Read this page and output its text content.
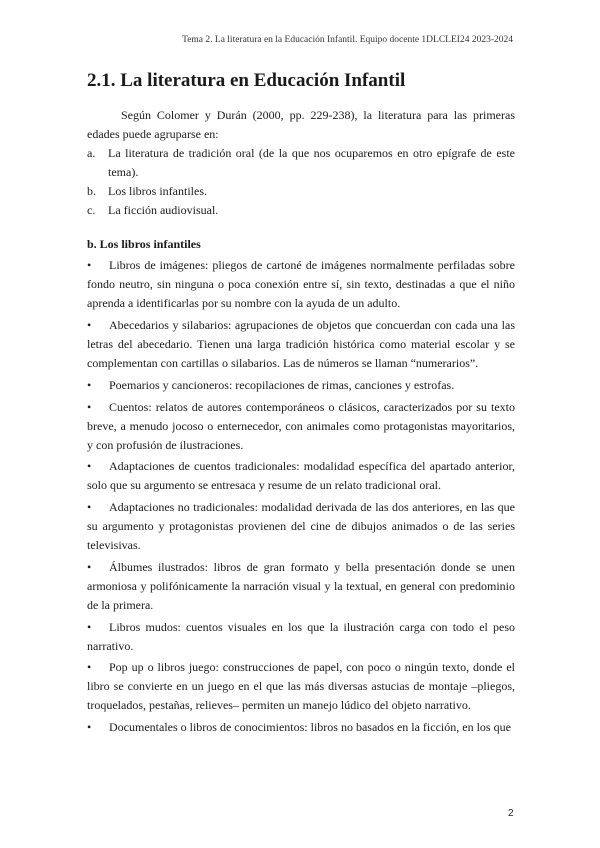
Tema 2. La literatura en la Educación Infantil. Equipo docente 1DLCLEI24 2023-2024
2.1. La literatura en Educación Infantil

Según Colomer y Durán (2000, pp. 229-238), la literatura para las primeras edades puede agruparse en:

a.	La literatura de tradición oral (de la que nos ocuparemos en otro epígrafe de este tema).
b.	Los libros infantiles.
c.	La ficción audiovisual.
b. Los libros infantiles

• Libros de imágenes: pliegos de cartoné de imágenes normalmente perfiladas sobre fondo neutro, sin ninguna o poca conexión entre sí, sin texto, destinadas a que el niño aprenda a identificarlas por su nombre con la ayuda de un adulto.

• Abecedarios y silabarios: agrupaciones de objetos que concuerdan con cada una las letras del abecedario. Tienen una larga tradición histórica como material escolar y se complementan con cartillas o silabarios. Las de números se llaman “numerarios”.

• Poemarios y cancioneros: recopilaciones de rimas, canciones y estrofas.

• Cuentos: relatos de autores contemporáneos o clásicos, caracterizados por su texto breve, a menudo jocoso o enternecedor, con animales como protagonistas mayoritarios, y con profusión de ilustraciones.

• Adaptaciones de cuentos tradicionales: modalidad específica del apartado anterior, solo que su argumento se entresaca y resume de un relato tradicional oral.

• Adaptaciones no tradicionales: modalidad derivada de las dos anteriores, en las que su argumento y protagonistas provienen del cine de dibujos animados o de las series televisivas.

• Álbumes ilustrados: libros de gran formato y bella presentación donde se unen armoniosa y polifónicamente la narración visual y la textual, en general con predominio de la primera.

• Libros mudos: cuentos visuales en los que la ilustración carga con todo el peso narrativo.

• Pop up o libros juego: construcciones de papel, con poco o ningún texto, donde el libro se convierte en un juego en el que las más diversas astucias de montaje –pliegos, troquelados, pestañas, relieves– permiten un manejo lúdico del objeto narrativo.

• Documentales o libros de conocimientos: libros no basados en la ficción, en los que

2
